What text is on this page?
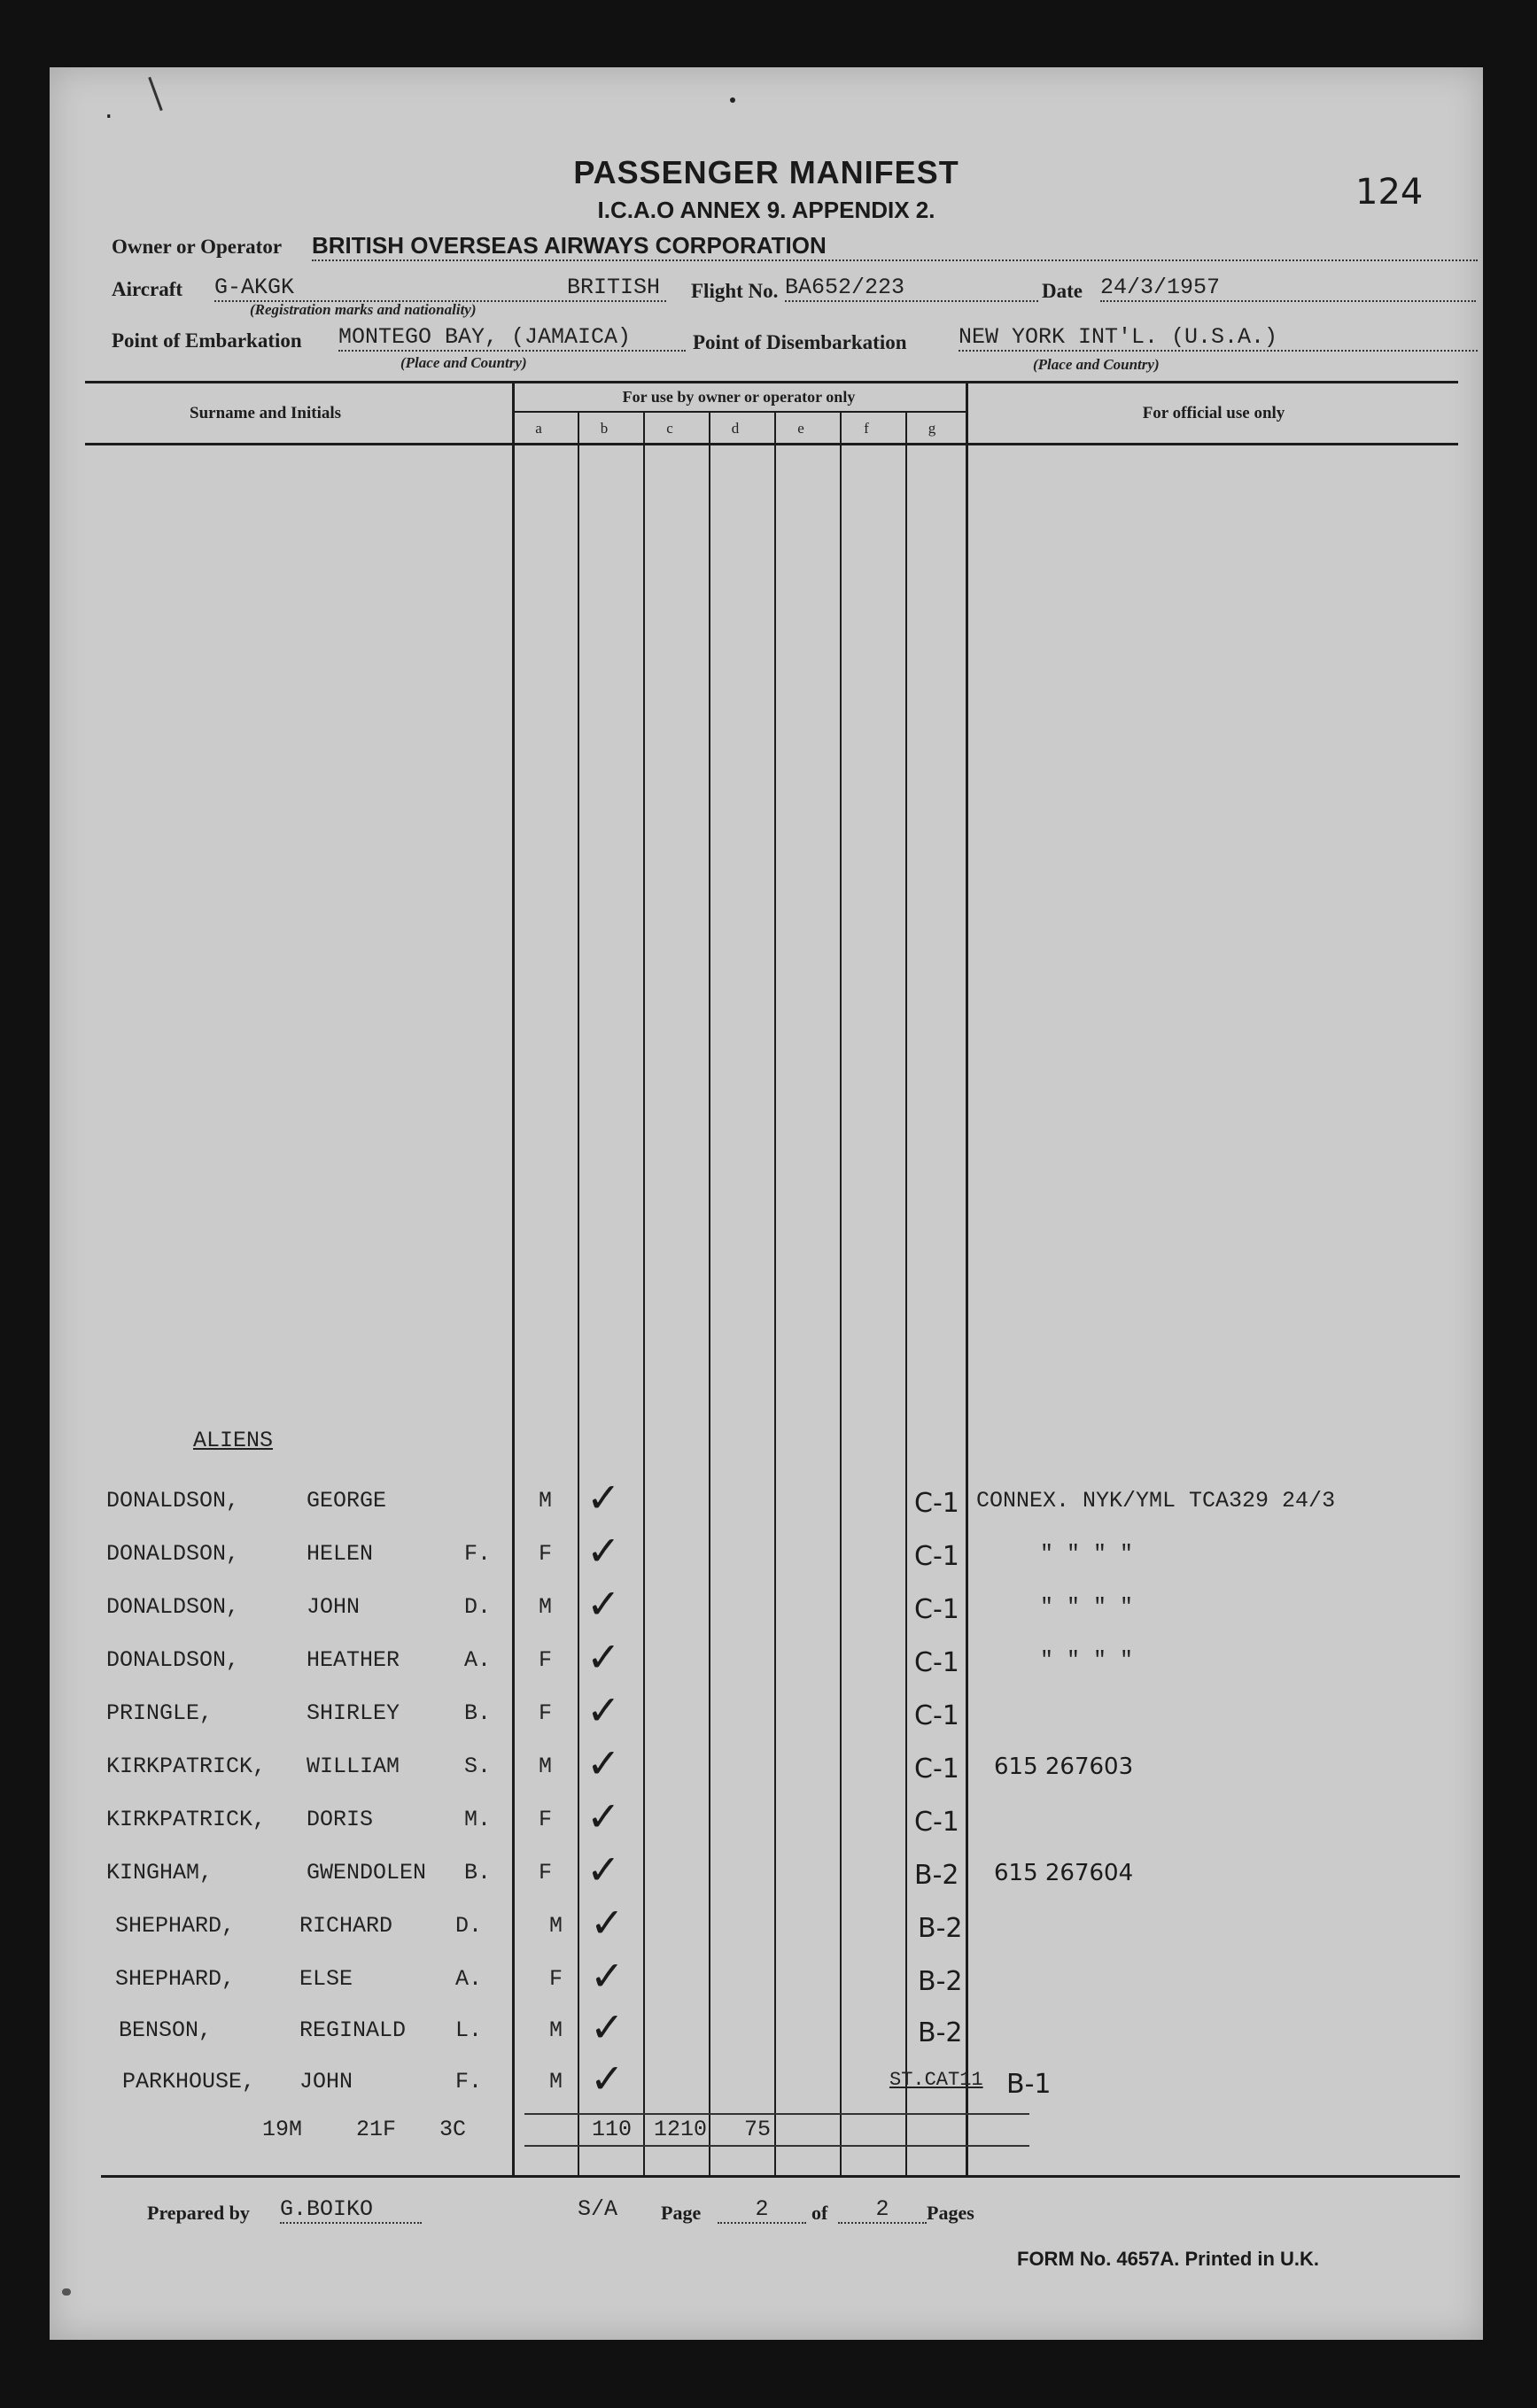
.
PASSENGER MANIFEST
I.C.A.O ANNEX 9. APPENDIX 2.	124
Owner or Operator BRITISH OVERSEAS AIRWAYS CORPORATION
Aircraft G-AKGK	BRITISH
(Registration marks and nationality)
Flight No. BA652/223	Date 24/3/1957
Point of Embarkation MONTEGO BAY, (JAMAICA)
(Place and Country)
Point of Disembarkation NEW YORK INT'L. (U.S.A.)
(Place and Country)
Surname and Initials
For use by owner or operator only
For official use only
a	b	c	d	e	f	g
ALIENS
DONALDSON,	GEORGE	M ✓	C-1 CONNEX. NYK/YML TCA329 24/3
DONALDSON,	HELEN	F. F ✓	C-1	" " " "
DONALDSON,	JOHN	D. M ✓	C-1	" " " "
DONALDSON,	HEATHER	A. F ✓	C-1	" " " "
PRINGLE,	SHIRLEY	B. F ✓	C-1
KIRKPATRICK, WILLIAM	S. M ✓	C-1 615 267603
KIRKPATRICK, DORIS	M. F ✓	C-1
KINGHAM,	GWENDOLEN B. F ✓	B-2 615 267604
SHEPHARD,	RICHARD	D.	M ✓	B-2
SHEPHARD,	ELSE	A.	F ✓	B-2
BENSON,	REGINALD L.	M ✓	B-2
PARKHOUSE, JOHN	F.	M ✓	B-1
ST.CAT11
19M 21F 3C	110 1210 75
Prepared by G.BOIKO	S/A Page	2	of	2	Pages
FORM No. 4657A. Printed in U.K.
